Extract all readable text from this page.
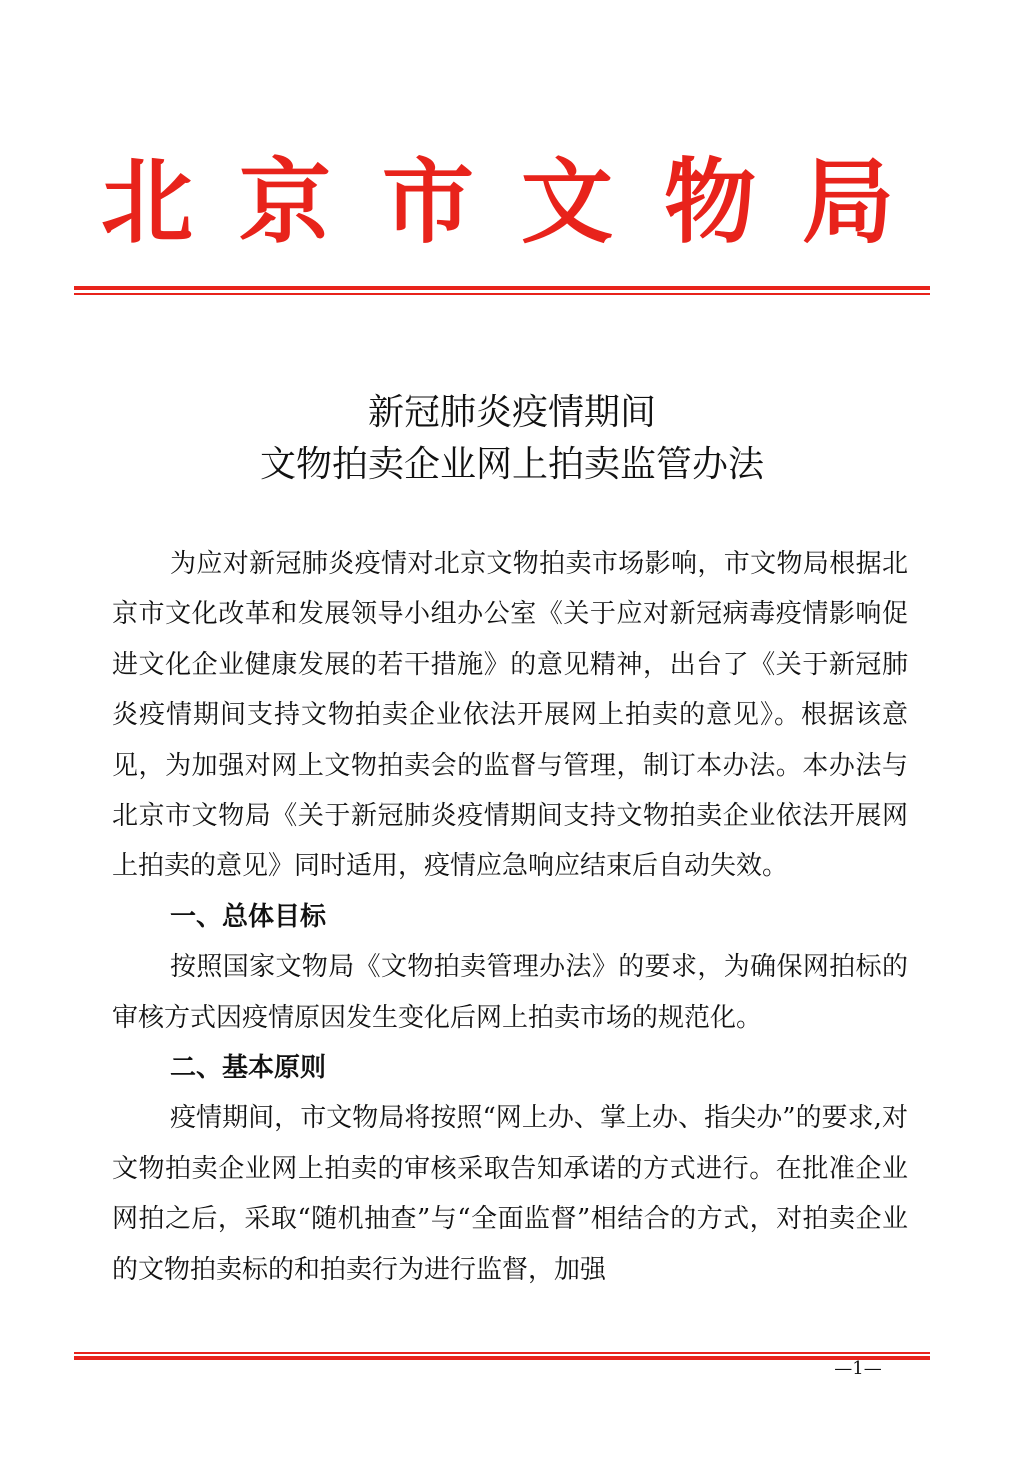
北 京 市 文 物 局
新冠肺炎疫情期间
文物拍卖企业网上拍卖监管办法

为应对新冠肺炎疫情对北京文物拍卖市场影响，市文物局根据北京市文化改革和发展领导小组办公室《关于应对新冠病毒疫情影响促进文化企业健康发展的若干措施》的意见精神，出台了《关于新冠肺炎疫情期间支持文物拍卖企业依法开展网上拍卖的意见》。根据该意见，为加强对网上文物拍卖会的监督与管理，制订本办法。本办法与北京市文物局《关于新冠肺炎疫情期间支持文物拍卖企业依法开展网上拍卖的意见》同时适用，疫情应急响应结束后自动失效。

一、总体目标

按照国家文物局《文物拍卖管理办法》的要求，为确保网拍标的审核方式因疫情原因发生变化后网上拍卖市场的规范化。

二、基本原则

疫情期间，市文物局将按照“网上办、掌上办、指尖办”的要求,对文物拍卖企业网上拍卖的审核采取告知承诺的方式进行。在批准企业网拍之后，采取“随机抽查”与“全面监督”相结合的方式，对拍卖企业的文物拍卖标的和拍卖行为进行监督，加强

—1—
